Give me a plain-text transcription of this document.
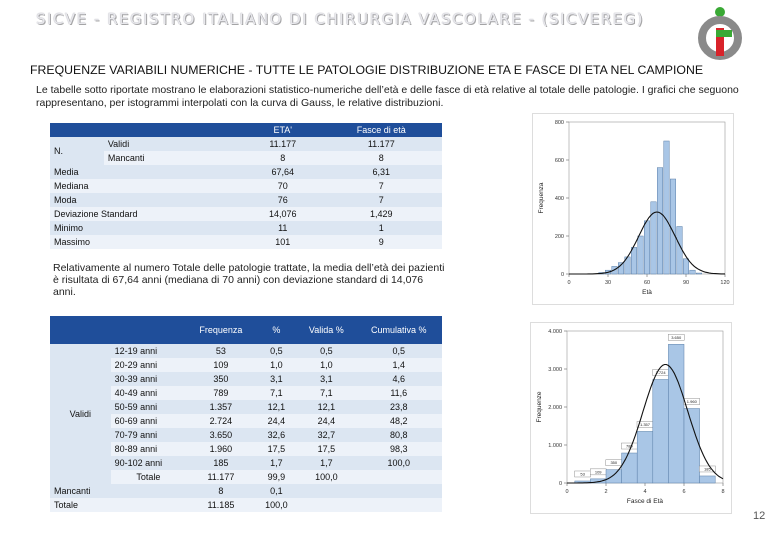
SICVE - REGISTRO ITALIANO DI CHIRURGIA VASCOLARE - (SICVEREG)
FREQUENZE VARIABILI NUMERICHE - TUTTE LE PATOLOGIE DISTRIBUZIONE ETA E FASCE DI ETA NEL CAMPIONE
Le tabelle sotto riportate mostrano le elaborazioni statistico-numeriche dell’età e delle fasce di età relative al totale delle patologie. I grafici che seguono rappresentano, per istogrammi interpolati con la curva di Gauss, le relative distribuzioni.
		ETA'	Fasce di età
N.	Validi	11.177	11.177
	Mancanti	8	8
Media		67,64	6,31
Mediana		70	7
Moda		76	7
Deviazione Standard		14,076	1,429
Minimo		11	1
Massimo		101	9
Relativamente al numero Totale delle patologie trattate, la media dell’età dei pazienti è risultata di 67,64 anni (mediana di 70 anni) con deviazione standard di 14,076 anni.
		Frequenza	%	Valida %	Cumulativa %
Validi	12-19 anni	53	0,5	0,5	0,5
	20-29 anni	109	1,0	1,0	1,4
	30-39 anni	350	3,1	3,1	4,6
	40-49 anni	789	7,1	7,1	11,6
	50-59 anni	1.357	12,1	12,1	23,8
	60-69 anni	2.724	24,4	24,4	48,2
	70-79 anni	3.650	32,6	32,7	80,8
	80-89 anni	1.960	17,5	17,5	98,3
	90-102 anni	185	1,7	1,7	100,0
	Totale	11.177	99,9	100,0	
Mancanti		8	0,1		
Totale		11.185	100,0		
0
200
400
600
800
0	30	60	90	120
Età
Frequenza
0
1.000
2.000
3.000
4.000
0	2	4	6	8
53	109
350
789
1.357
2.724
3.650
1.960
185
Fasce di Età
Frequenze
12
